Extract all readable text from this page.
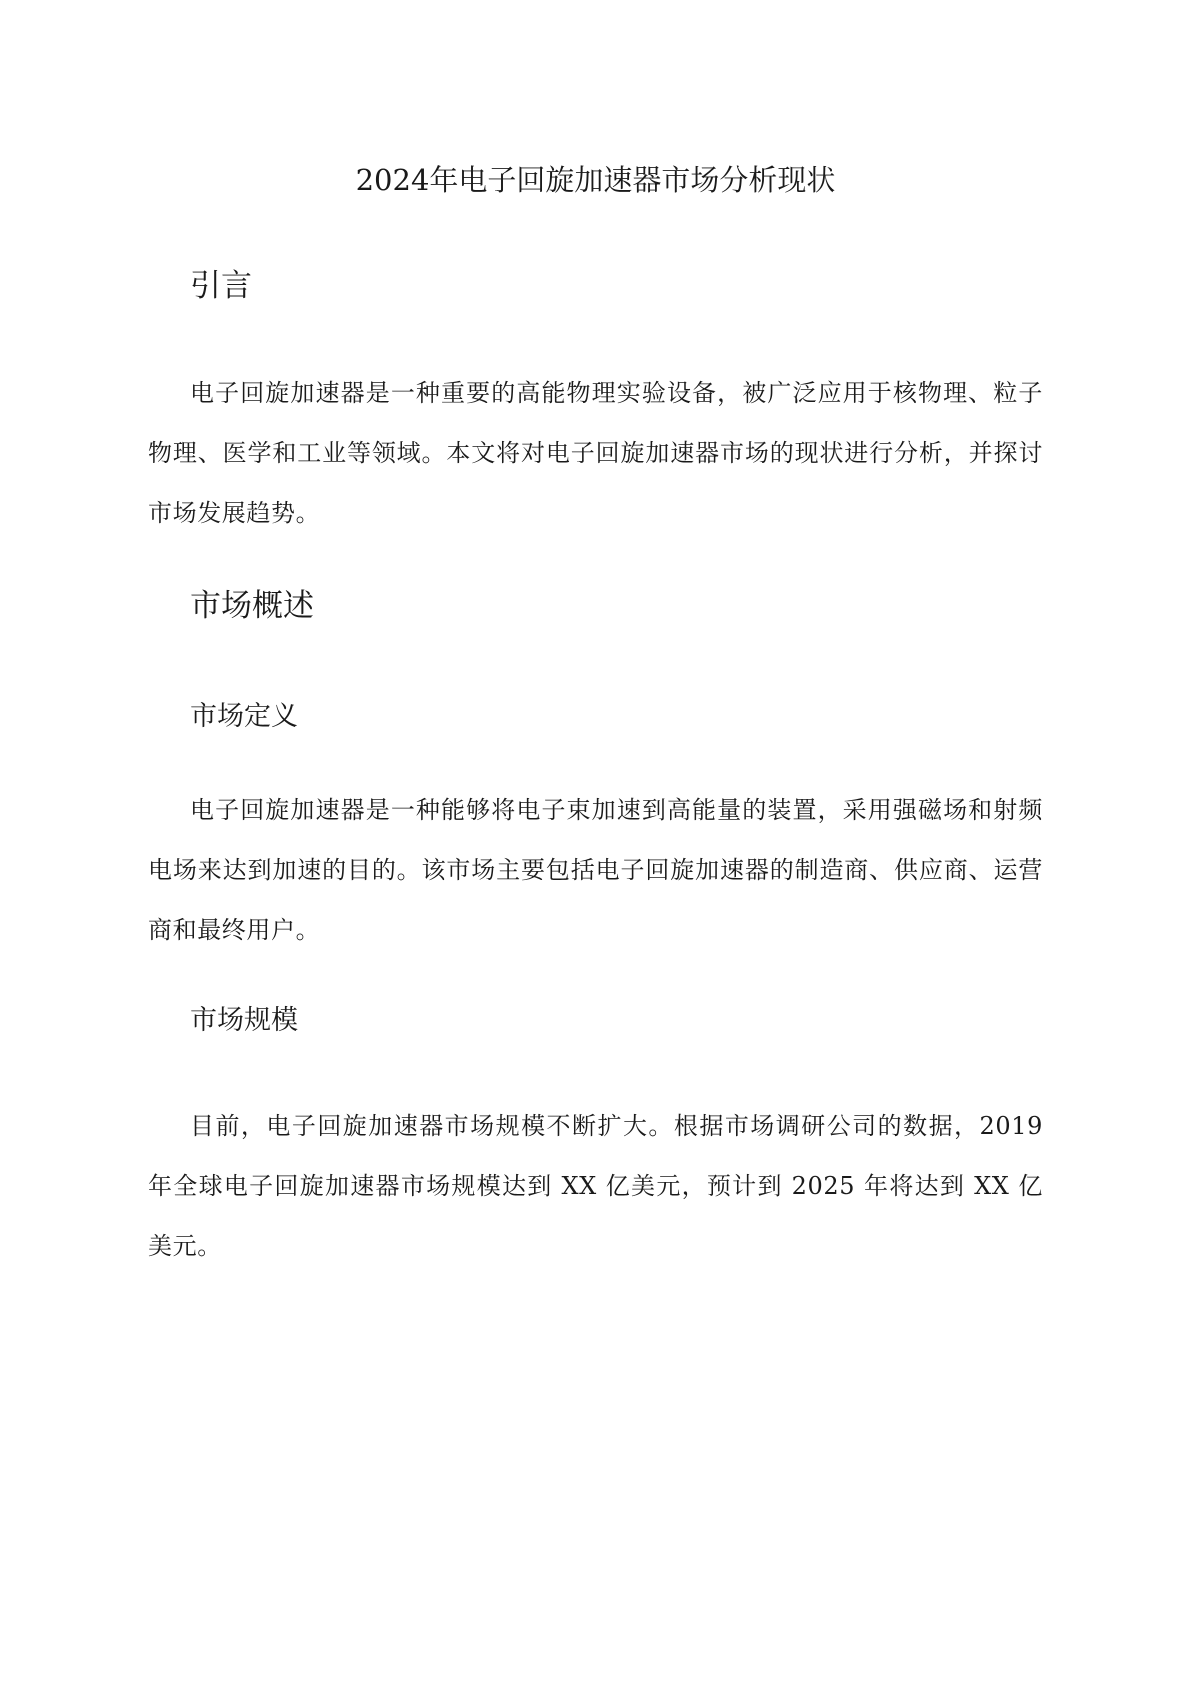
2024年电子回旋加速器市场分析现状
引言

电子回旋加速器是一种重要的高能物理实验设备，被广泛应用于核物理、粒子物理、医学和工业等领域。本文将对电子回旋加速器市场的现状进行分析，并探讨市场发展趋势。

市场概述
市场定义

电子回旋加速器是一种能够将电子束加速到高能量的装置，采用强磁场和射频电场来达到加速的目的。该市场主要包括电子回旋加速器的制造商、供应商、运营商和最终用户。

市场规模

目前，电子回旋加速器市场规模不断扩大。根据市场调研公司的数据，2019 年全球电子回旋加速器市场规模达到 XX 亿美元，预计到 2025 年将达到 XX 亿美元。
